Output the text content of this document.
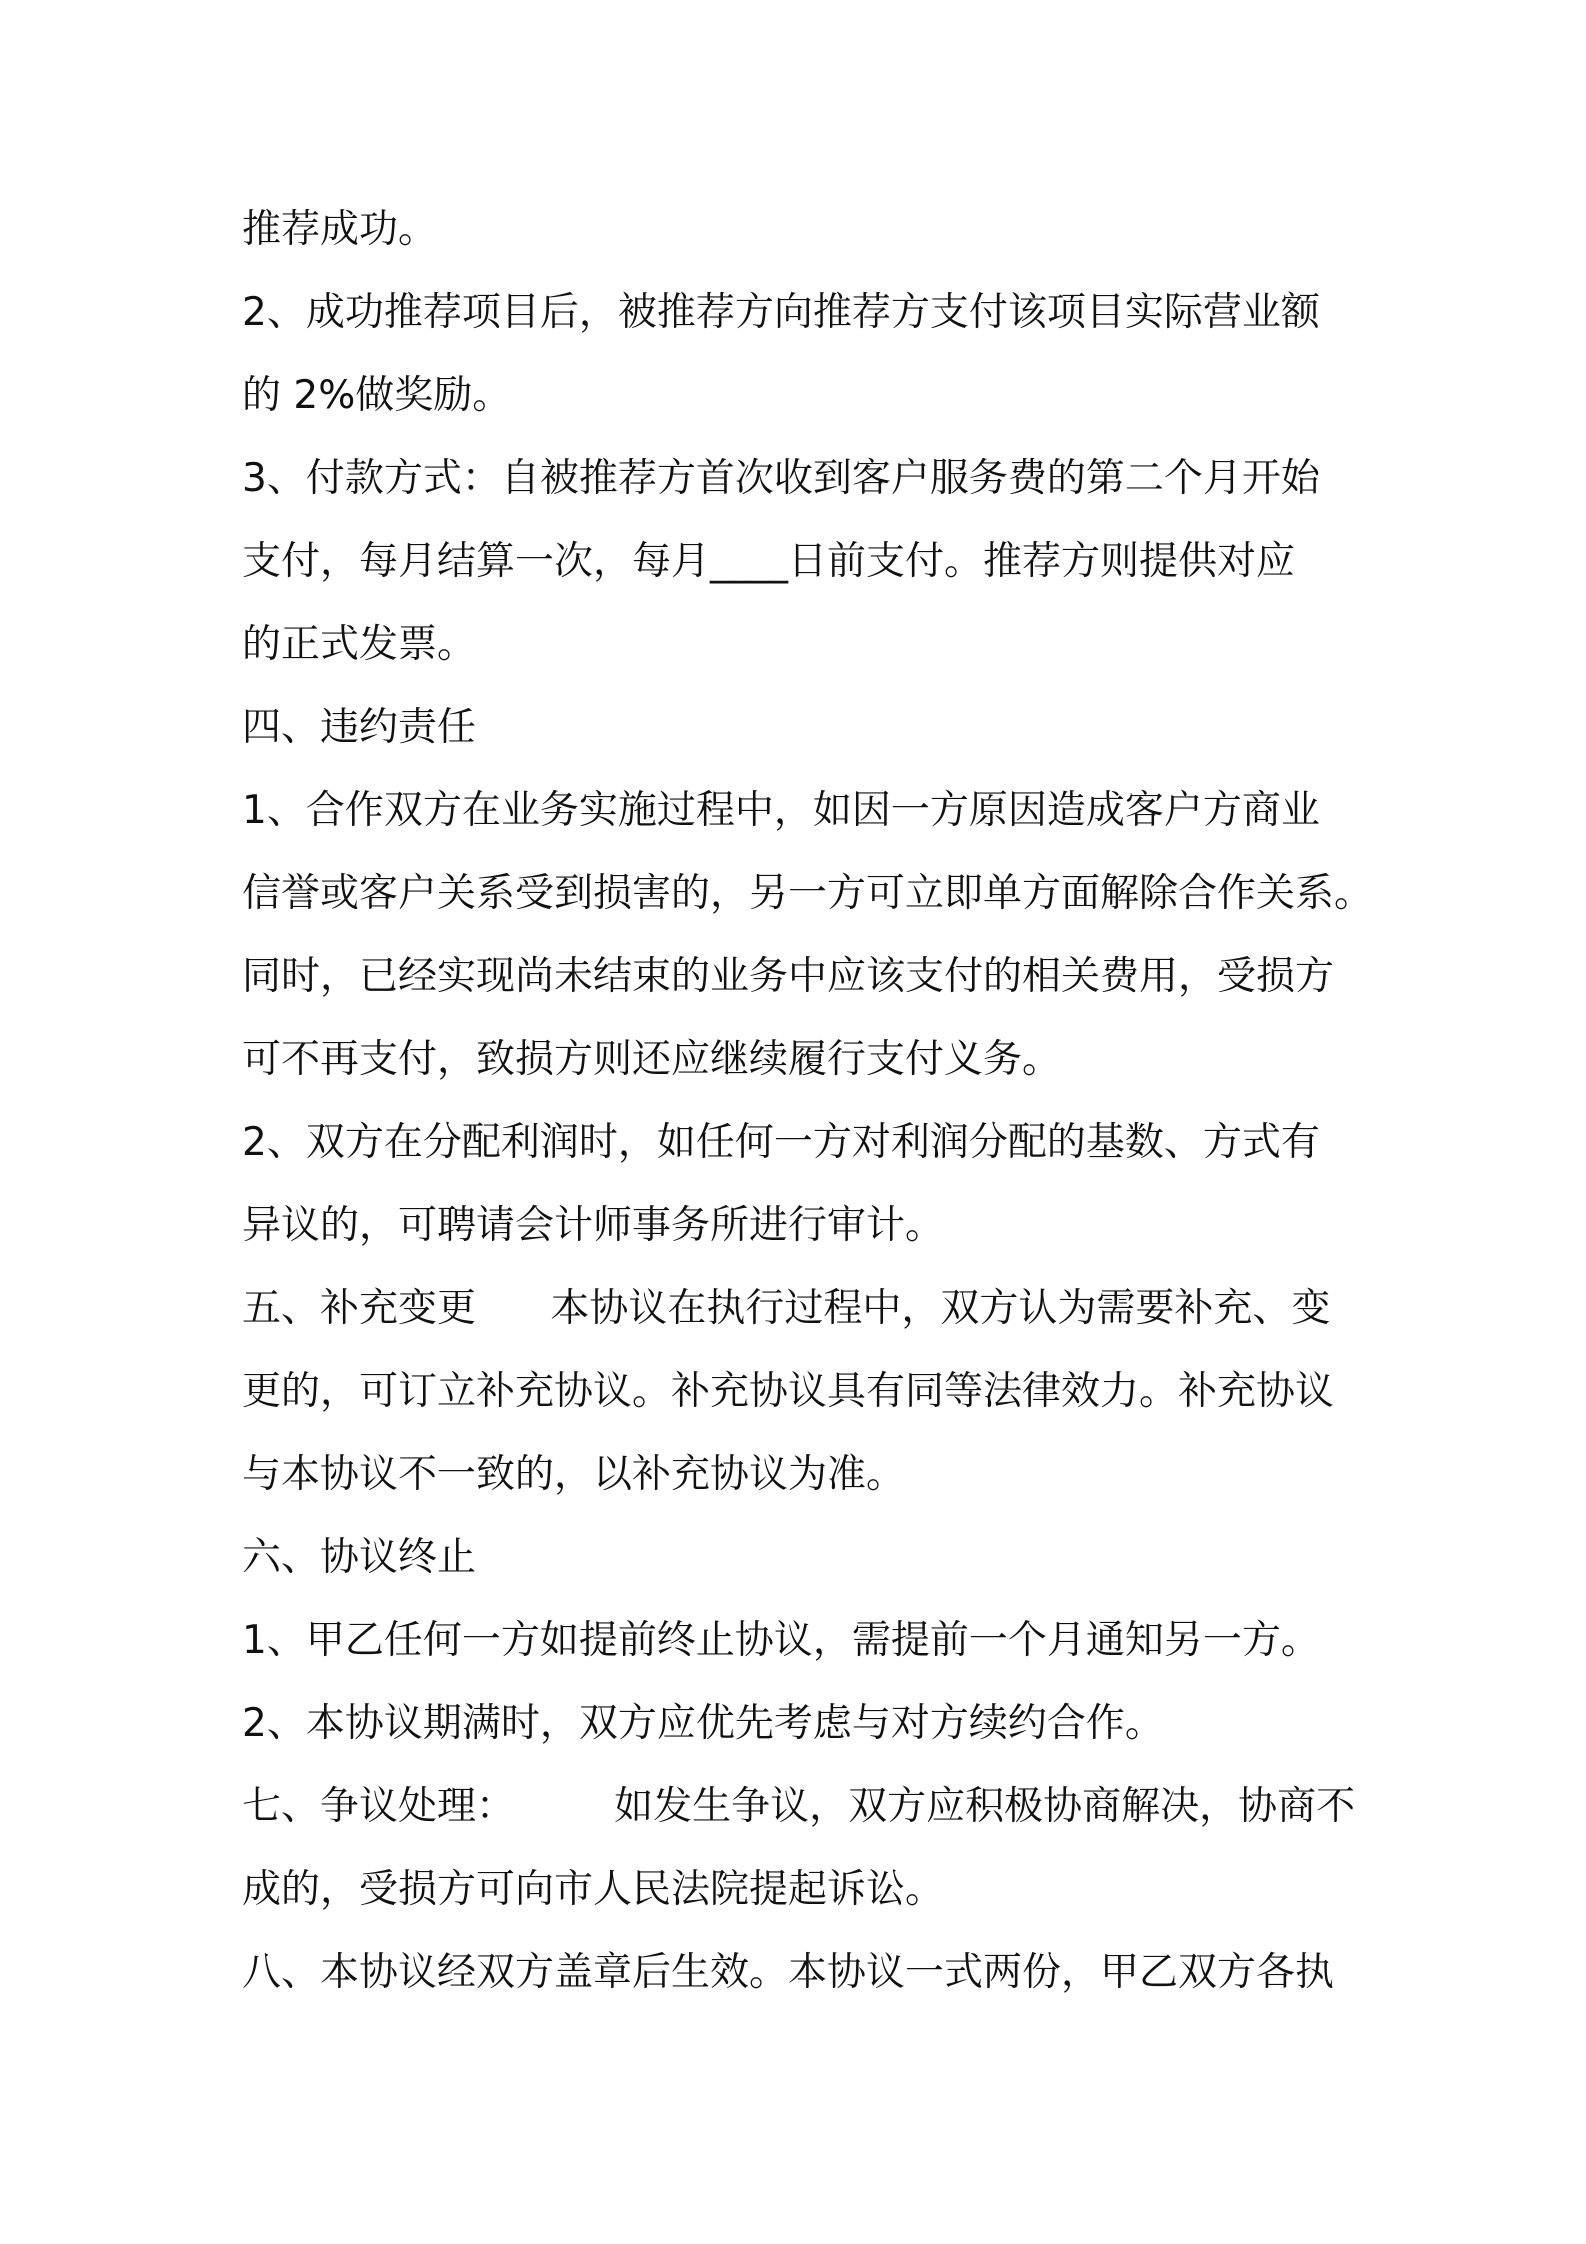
推荐成功。
2、成功推荐项目后，被推荐方向推荐方支付该项目实际营业额
的 2%做奖励。
3、付款方式：自被推荐方首次收到客户服务费的第二个月开始
支付，每月结算一次，每月____日前支付。推荐方则提供对应
的正式发票。
四、违约责任
1、合作双方在业务实施过程中，如因一方原因造成客户方商业
信誉或客户关系受到损害的，另一方可立即单方面解除合作关系。
同时，已经实现尚未结束的业务中应该支付的相关费用，受损方
可不再支付，致损方则还应继续履行支付义务。
2、双方在分配利润时，如任何一方对利润分配的基数、方式有
异议的，可聘请会计师事务所进行审计。
五、补充变更      本协议在执行过程中，双方认为需要补充、变
更的，可订立补充协议。补充协议具有同等法律效力。补充协议
与本协议不一致的，以补充协议为准。
六、协议终止
1、甲乙任何一方如提前终止协议，需提前一个月通知另一方。
2、本协议期满时，双方应优先考虑与对方续约合作。
七、争议处理：        如发生争议，双方应积极协商解决，协商不
成的，受损方可向市人民法院提起诉讼。
八、本协议经双方盖章后生效。本协议一式两份，甲乙双方各执
